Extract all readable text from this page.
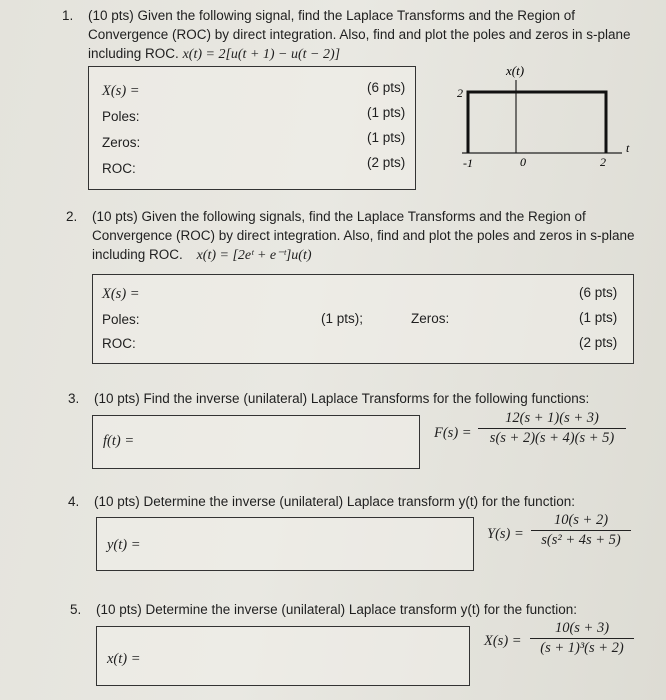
1. (10 pts) Given the following signal, find the Laplace Transforms and the Region of
Convergence (ROC) by direct integration. Also, find and plot the poles and zeros in s-plane
including ROC. x(t) = 2[u(t + 1) − u(t − 2)]
X(s) =	(6 pts)
Poles:	(1 pts)
Zeros:	(1 pts)
ROC:	(2 pts)
x(t)
2
-1	0	2
t
2. (10 pts) Given the following signals, find the Laplace Transforms and the Region of
Convergence (ROC) by direct integration. Also, find and plot the poles and zeros in s-plane
including ROC. x(t) = [2eᵗ + e⁻ᵗ]u(t)
X(s) =	(6 pts)
Poles:	(1 pts);	Zeros:	(1 pts)
ROC:	(2 pts)
3. (10 pts) Find the inverse (unilateral) Laplace Transforms for the following functions:
f(t) =	F(s) =
12(s + 1)(s + 3)
s(s + 2)(s + 4)(s + 5)
4. (10 pts) Determine the inverse (unilateral) Laplace transform y(t) for the function:
y(t) =
Y(s) =
10(s + 2)
s(s² + 4s + 5)
5. (10 pts) Determine the inverse (unilateral) Laplace transform y(t) for the function:
x(t) =
X(s) =
10(s + 3)
(s + 1)³(s + 2)
